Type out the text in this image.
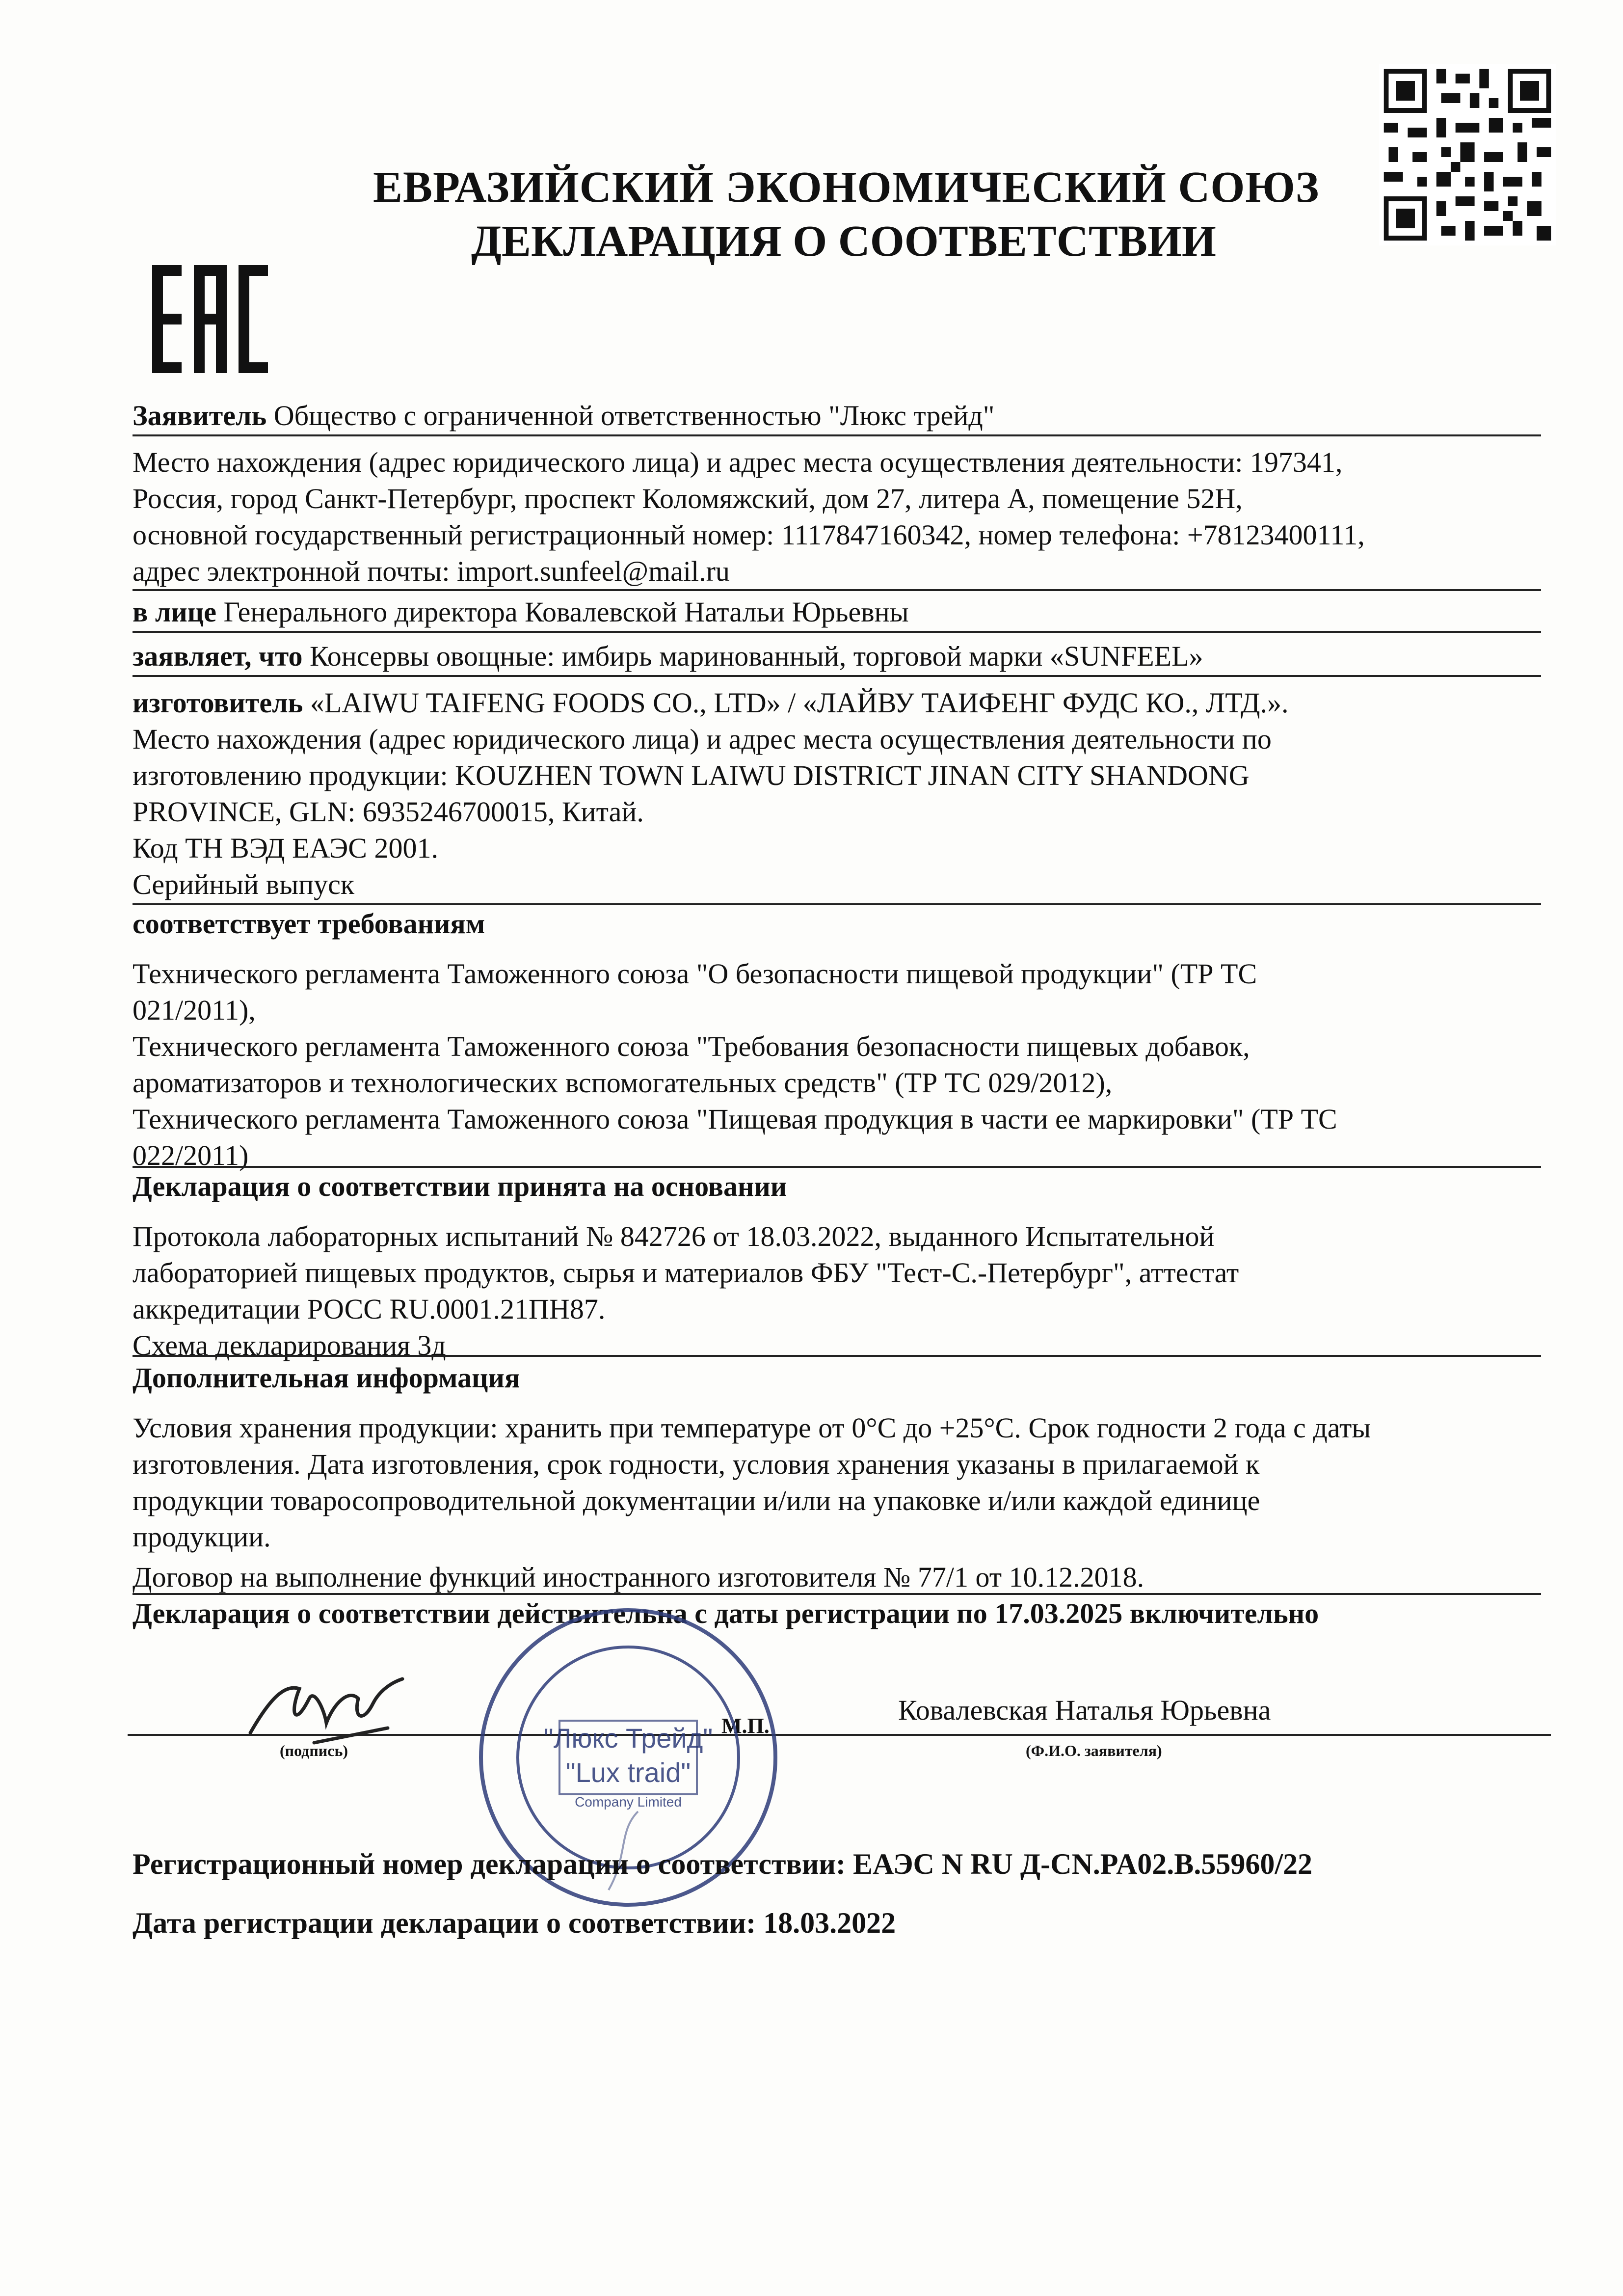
ЕВРАЗИЙСКИЙ ЭКОНОМИЧЕСКИЙ СОЮЗ
ДЕКЛАРАЦИЯ О СООТВЕТСТВИИ
Заявитель Общество с ограниченной ответственностью "Люкс трейд"
Место нахождения (адрес юридического лица) и адрес места осуществления деятельности: 197341,
Россия, город Санкт-Петербург, проспект Коломяжский, дом 27, литера А, помещение 52Н,
основной государственный регистрационный номер: 1117847160342, номер телефона: +78123400111,
адрес электронной почты: import.sunfeel@mail.ru
в лице Генерального директора Ковалевской Натальи Юрьевны
заявляет, что Консервы овощные: имбирь маринованный, торговой марки «SUNFEEL»
изготовитель «LAIWU TAIFENG FOODS CO., LTD» / «ЛАЙВУ ТАИФЕНГ ФУДС КО., ЛТД.».
Место нахождения (адрес юридического лица) и адрес места осуществления деятельности по
изготовлению продукции: KOUZHEN TOWN LAIWU DISTRICT JINAN CITY SHANDONG
PROVINCE, GLN: 6935246700015, Китай.
Код ТН ВЭД ЕАЭС 2001.
Серийный выпуск
соответствует требованиям
Технического регламента Таможенного союза "О безопасности пищевой продукции" (ТР ТС
021/2011),
Технического регламента Таможенного союза "Требования безопасности пищевых добавок,
ароматизаторов и технологических вспомогательных средств" (ТР ТС 029/2012),
Технического регламента Таможенного союза "Пищевая продукция в части ее маркировки" (ТР ТС
022/2011)
Декларация о соответствии принята на основании
Протокола лабораторных испытаний № 842726 от 18.03.2022, выданного Испытательной
лабораторией пищевых продуктов, сырья и материалов ФБУ "Тест-С.-Петербург", аттестат
аккредитации РОСС RU.0001.21ПН87.
Схема декларирования 3д
Дополнительная информация
Условия хранения продукции: хранить при температуре от 0°С до +25°С. Срок годности 2 года с даты
изготовления. Дата изготовления, срок годности, условия хранения указаны в прилагаемой к
продукции товаросопроводительной документации и/или на упаковке и/или каждой единице
продукции.
Договор на выполнение функций иностранного изготовителя № 77/1 от 10.12.2018.
Декларация о соответствии действительна с даты регистрации по 17.03.2025 включительно
(подпись)
М.П.	Ковалевская Наталья Юрьевна
(Ф.И.О. заявителя)
"Люкс Трейд"
"Lux traid"
Company Limited
Регистрационный номер декларации о соответствии: ЕАЭС N RU Д-CN.PA02.B.55960/22
Дата регистрации декларации о соответствии: 18.03.2022
